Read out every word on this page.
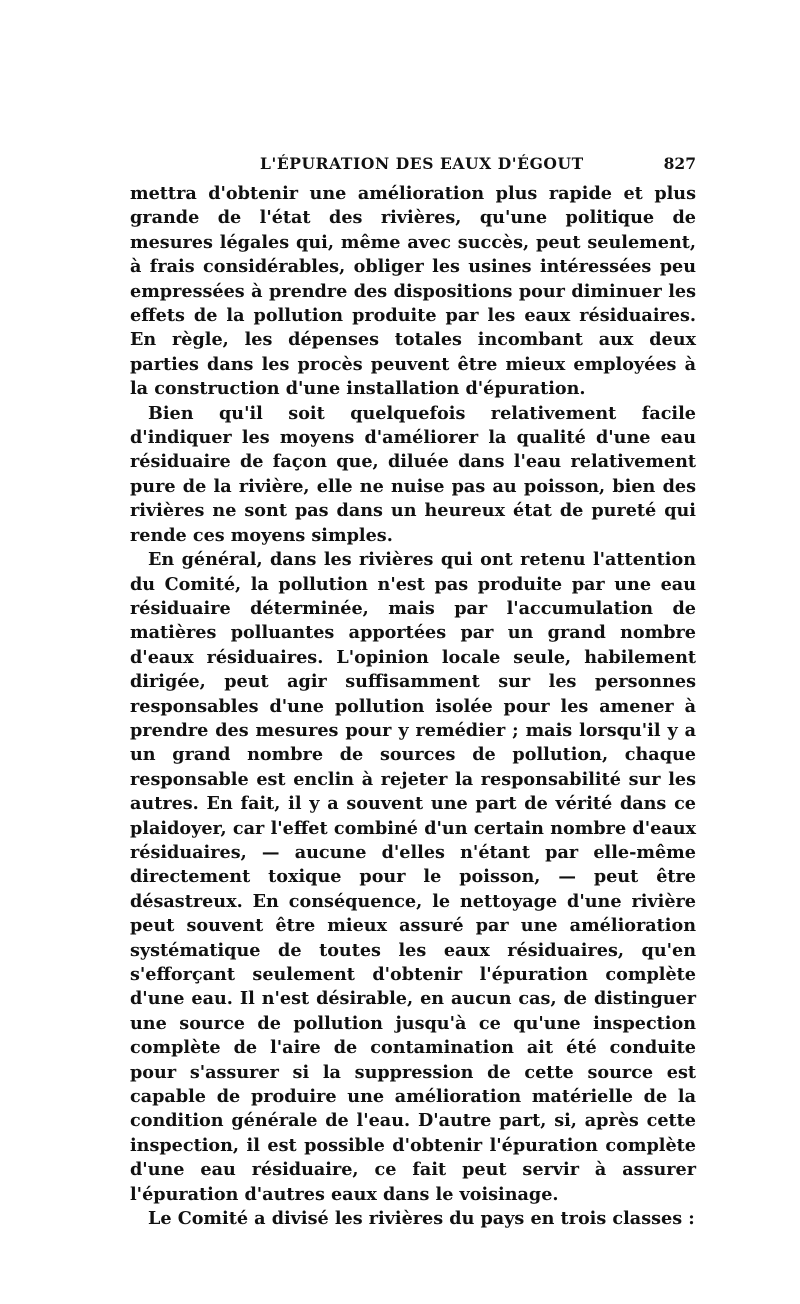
L'ÉPURATION DES EAUX D'ÉGOUT	827

mettra d'obtenir une amélioration plus rapide et plus grande de l'état des rivières, qu'une politique de mesures légales qui, même avec succès, peut seulement, à frais considérables, obliger les usines intéressées peu empressées à prendre des dispositions pour diminuer les effets de la pollution produite par les eaux résiduaires. En règle, les dépenses totales incombant aux deux parties dans les procès peuvent être mieux employées à la construction d'une installation d'épuration.

Bien qu'il soit quelquefois relativement facile d'indiquer les moyens d'améliorer la qualité d'une eau résiduaire de façon que, diluée dans l'eau relativement pure de la rivière, elle ne nuise pas au poisson, bien des rivières ne sont pas dans un heureux état de pureté qui rende ces moyens simples.

En général, dans les rivières qui ont retenu l'attention du Comité, la pollution n'est pas produite par une eau résiduaire déterminée, mais par l'accumulation de matières polluantes apportées par un grand nombre d'eaux résiduaires. L'opinion locale seule, habilement dirigée, peut agir suffisamment sur les personnes responsables d'une pollution isolée pour les amener à prendre des mesures pour y remédier ; mais lorsqu'il y a un grand nombre de sources de pollution, chaque responsable est enclin à rejeter la responsabilité sur les autres. En fait, il y a souvent une part de vérité dans ce plaidoyer, car l'effet combiné d'un certain nombre d'eaux résiduaires, — aucune d'elles n'étant par elle-même directement toxique pour le poisson, — peut être désastreux. En conséquence, le nettoyage d'une rivière peut souvent être mieux assuré par une amélioration systématique de toutes les eaux résiduaires, qu'en s'efforçant seulement d'obtenir l'épuration complète d'une eau. Il n'est désirable, en aucun cas, de distinguer une source de pollution jusqu'à ce qu'une inspection complète de l'aire de contamination ait été conduite pour s'assurer si la suppression de cette source est capable de produire une amélioration matérielle de la condition générale de l'eau. D'autre part, si, après cette inspection, il est possible d'obtenir l'épuration complète d'une eau résiduaire, ce fait peut servir à assurer l'épuration d'autres eaux dans le voisinage.

Le Comité a divisé les rivières du pays en trois classes :
